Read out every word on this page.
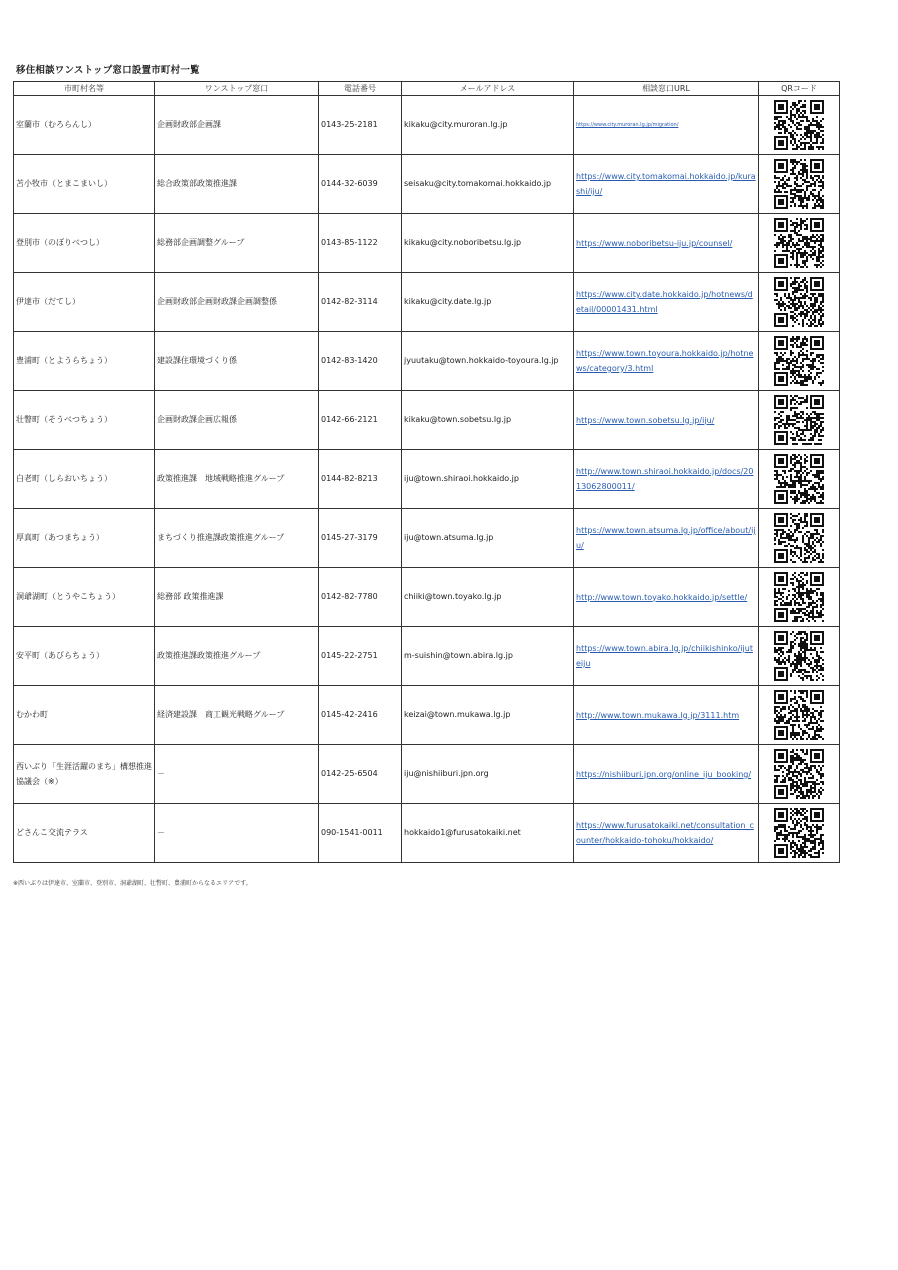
移住相談ワンストップ窓口設置市町村一覧
市町村名等	ワンストップ窓口	電話番号	メールアドレス	相談窓口URL	QRコード
室蘭市（むろらんし）	企画財政部企画課	0143-25-2181	kikaku@city.muroran.lg.jp	https://www.city.muroran.lg.jp/migration/

苫小牧市（とまこまいし）	総合政策部政策推進課	0144-32-6039	seisaku@city.tomakomai.hokkaido.jp	https://www.city.tomakomai.hokkaido.jp/kurashi/iju/

登別市（のぼりべつし）	総務部企画調整グループ	0143-85-1122	kikaku@city.noboribetsu.lg.jp	https://www.noboribetsu-iju.jp/counsel/

伊達市（だてし）	企画財政部企画財政課企画調整係	0142-82-3114	kikaku@city.date.lg.jp	https://www.city.date.hokkaido.jp/hotnews/detail/00001431.html

豊浦町（とようらちょう）	建設課住環境づくり係	0142-83-1420	jyuutaku@town.hokkaido-toyoura.lg.jp	https://www.town.toyoura.hokkaido.jp/hotnews/category/3.html

壮瞥町（そうべつちょう）	企画財政課企画広報係	0142-66-2121	kikaku@town.sobetsu.lg.jp	https://www.town.sobetsu.lg.jp/iju/

白老町（しらおいちょう）	政策推進課　地域戦略推進グループ	0144-82-8213	iju@town.shiraoi.hokkaido.jp	http://www.town.shiraoi.hokkaido.jp/docs/2013062800011/

厚真町（あつまちょう）	まちづくり推進課政策推進グループ	0145-27-3179	iju@town.atsuma.lg.jp	https://www.town.atsuma.lg.jp/office/about/iju/

洞爺湖町（とうやこちょう）	総務部 政策推進課	0142-82-7780	chiiki@town.toyako.lg.jp	http://www.town.toyako.hokkaido.jp/settle/

安平町（あびらちょう）	政策推進課政策推進グループ	0145-22-2751	m-suishin@town.abira.lg.jp	https://www.town.abira.lg.jp/chiikishinko/ijuteiju

むかわ町	経済建設課　商工観光戦略グループ	0145-42-2416	keizai@town.mukawa.lg.jp	http://www.town.mukawa.lg.jp/3111.htm

西いぶり「生涯活躍のまち」構想推進協議会（※）	－	0142-25-6504	iju@nishiiburi.jpn.org	https://nishiiburi.jpn.org/online_iju_booking/

どさんこ交流テラス	－	090-1541-0011	hokkaido1@furusatokaiki.net	https://www.furusatokaiki.net/consultation_counter/hokkaido-tohoku/hokkaido/

※西いぶりは伊達市、室蘭市、登別市、洞爺湖町、壮瞥町、豊浦町からなるエリアです。
